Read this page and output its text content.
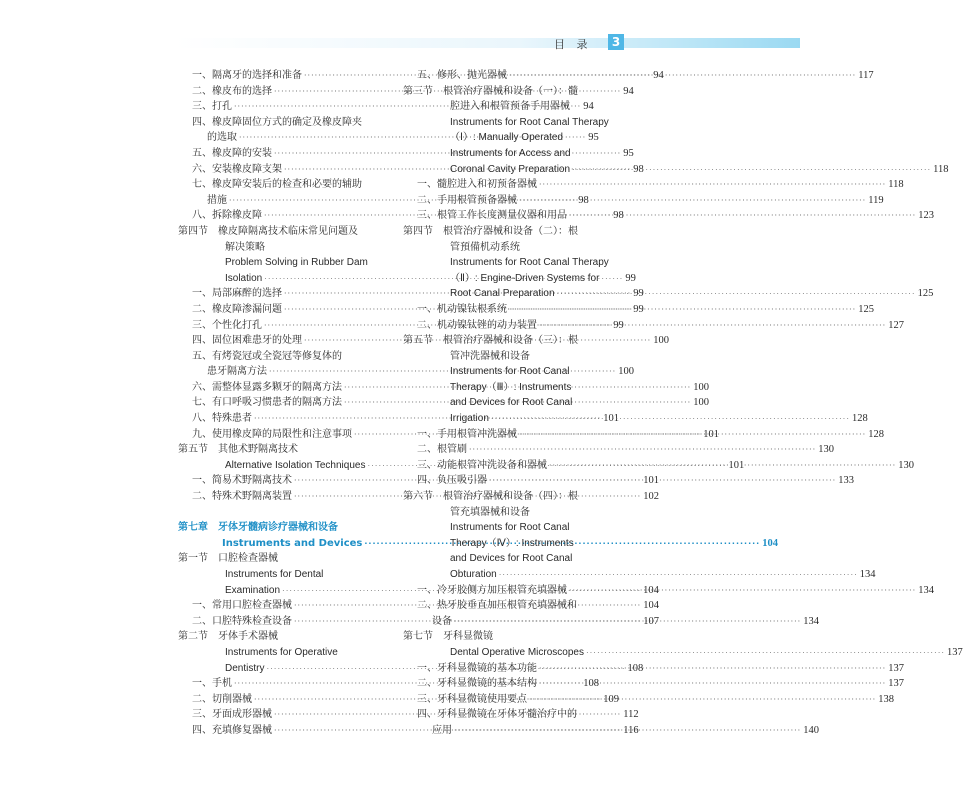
目 录	3
一、隔离牙的选择和准备 ·····	94
二、橡皮布的选择 ·····	94
三、打孔 ·····	94
四、橡皮障固位方式的确定及橡皮障夹
的选取 ·····	95
五、橡皮障的安装 ·····	95
六、安装橡皮障支架 ·····	98
七、橡皮障安装后的检查和必要的辅助
措施 ·····	98
八、拆除橡皮障 ·····	98
第四节　橡皮障隔离技术临床常见问题及
解决策略
Problem Solving in Rubber Dam
Isolation ·····	99
一、局部麻醉的选择 ·····	99
二、橡皮障渗漏问题 ·····	99
三、个性化打孔 ·····	99
四、固位困难患牙的处理 ·····	100
五、有烤瓷冠或全瓷冠等修复体的
患牙隔离方法 ·····	100
六、需整体显露多颗牙的隔离方法 ·····	100
七、有口呼吸习惯患者的隔离方法 ·····	100
八、特殊患者 ·····	101
九、使用橡皮障的局限性和注意事项 ·····	101
第五节　其他术野隔离技术
Alternative Isolation Techniques ·····	101
一、简易术野隔离技术 ·····	101
二、特殊术野隔离装置 ·····	102
第七章　牙体牙髓病诊疗器械和设备
Instruments and Devices ·····	104
第一节　口腔检查器械
Instruments for Dental
Examination ·····	104
一、常用口腔检查器械 ·····	104
二、口腔特殊检查设备 ·····	107
第二节　牙体手术器械
Instruments for Operative
Dentistry ·····	108
一、手机 ·····	108
二、切削器械 ·····	109
三、牙面成形器械 ·····	112
四、充填修复器械 ·····	116
五、修形、抛光器械 ·····	117
第三节　根管治疗器械和设备（一）：髓
腔进入和根管预备手用器械
Instruments for Root Canal Therapy
（Ⅰ）: Manually Operated
Instruments for Access and
Coronal Cavity Preparation ·····	118
一、髓腔进入和初预备器械 ·····	118
二、手用根管预备器械 ·····	119
三、根管工作长度测量仪器和用品 ·····	123
第四节　根管治疗器械和设备（二）：根
管預備机动系统
Instruments for Root Canal Therapy
（Ⅱ）: Engine-Driven Systems for
Root Canal Preparation ·····	125
一、机动镍钛根系统 ·····	125
二、机动镍钛锉的动力装置 ·····	127
第五节　根管治疗器械和设备（三）：根
管冲洗器械和设备
Instruments for Root Canal
Therapy（Ⅲ）: Instruments
and Devices for Root Canal
Irrigation ·····	128
一、手用根管冲洗器械 ·····	128
二、根管刷 ·····	130
三、动能根管冲洗设备和器械 ·····	130
四、负压吸引器 ·····	133
第六节　根管治疗器械和设备（四）：根
管充填器械和设备
Instruments for Root Canal
Therapy（Ⅳ）: Instruments
and Devices for Root Canal
Obturation ·····	134
一、冷牙胶侧方加压根管充填器械 ·····	134
二、热牙胶垂直加压根管充填器械和
设备 ·····	134
第七节　牙科显微镜
Dental Operative Microscopes ·····	137
一、牙科显微镜的基本功能 ·····	137
二、牙科显微镜的基本结构 ·····	137
三、牙科显微镜使用要点 ·····	138
四、牙科显微镜在牙体牙髓治疗中的
应用 ·····	140
